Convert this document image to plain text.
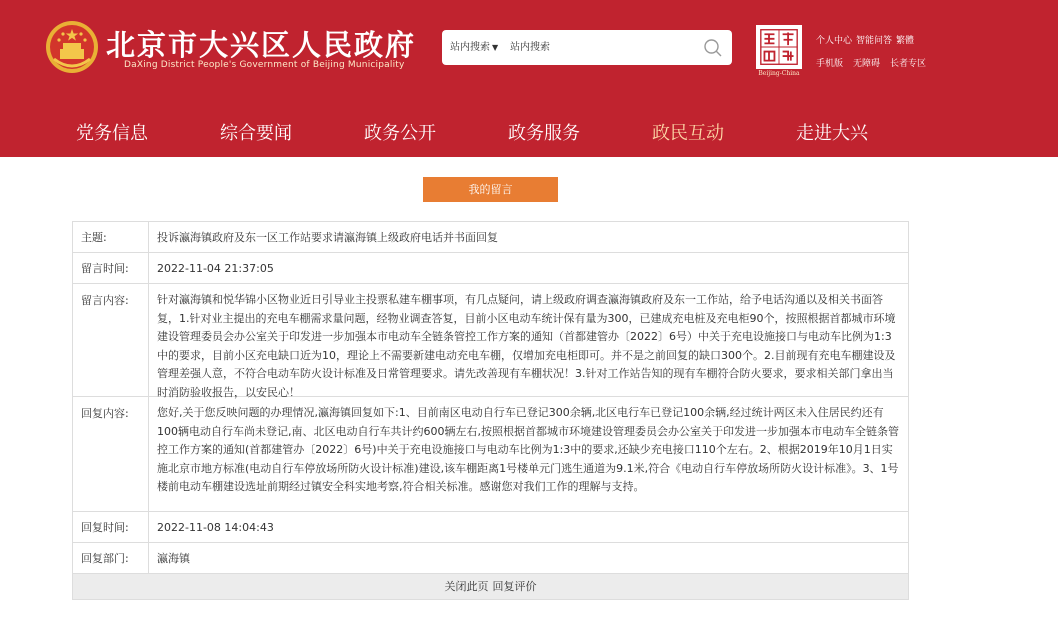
北京市大兴区人民政府
DaXing District People's Government of Beijing Municipality
站内搜索 ▼
站内搜索
Beijing-China
个人中心 智能问答 繁體
手机版 无障碍 长者专区
党务信息	综合要闻	政务公开	政务服务	政民互动	走进大兴
我的留言
主题:	投诉瀛海镇政府及东一区工作站要求请瀛海镇上级政府电话并书面回复
留言时间:	2022-11-04 21:37:05
留言内容:	针对瀛海镇和悦华锦小区物业近日引导业主投票私建车棚事项，有几点疑问，请上级政府调查瀛海镇政府及东一工作站，给予电话沟通以及相关书面答复，1.针对业主提出的充电车棚需求量问题，经物业调查答复，目前小区电动车统计保有量为300，已建成充电桩及充电柜90个，按照根据首都城市环境建设管理委员会办公室关于印发进一步加强本市电动车全链条管控工作方案的通知（首都建管办〔2022〕6号）中关于充电设施接口与电动车比例为1:3中的要求，目前小区充电缺口近为10，理论上不需要新建电动充电车棚，仅增加充电柜即可。并不是之前回复的缺口300个。2.目前现有充电车棚建设及管理差强人意，不符合电动车防火设计标准及日常管理要求。请先改善现有车棚状况！3.针对工作站告知的现有车棚符合防火要求，要求相关部门拿出当时消防验收报告，以安民心！
回复内容:	您好,关于您反映问题的办理情况,瀛海镇回复如下:1、目前南区电动自行车已登记300余辆,北区电行车已登记100余辆,经过统计两区未入住居民约还有100辆电动自行车尚未登记,南、北区电动自行车共计约600辆左右,按照根据首都城市环境建设管理委员会办公室关于印发进一步加强本市电动车全链条管控工作方案的通知(首都建管办〔2022〕6号)中关于充电设施接口与电动车比例为1:3中的要求,还缺少充电接口110个左右。2、根据2019年10月1日实施北京市地方标准(电动自行车停放场所防火设计标准)建设,该车棚距离1号楼单元门逃生通道为9.1米,符合《电动自行车停放场所防火设计标准》。3、1号楼前电动车棚建设选址前期经过镇安全科实地考察,符合相关标准。感谢您对我们工作的理解与支持。
回复时间:	2022-11-08 14:04:43
回复部门:	瀛海镇
关闭此页 回复评价
